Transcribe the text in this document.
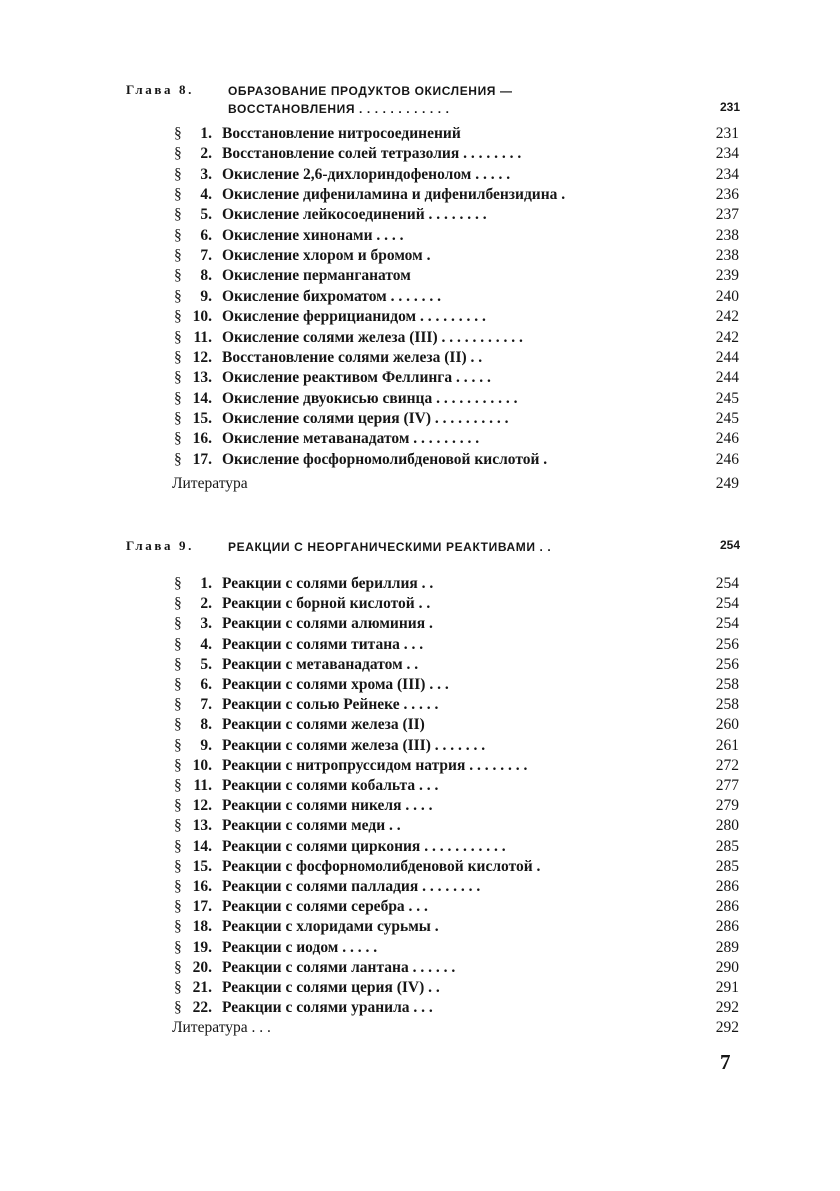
Глава 8.	ОБРАЗОВАНИЕ ПРОДУКТОВ ОКИСЛЕНИЯ —
ВОССТАНОВЛЕНИЯ . . . . . . . . . . . .	231
§	1. Восстановление нитросоединений	231
§	2. Восстановление солей тетразолия . . . . . . . .	234
§	3. Окисление 2,6-дихлориндофенолом . . . . .	234
§	4. Окисление дифениламина и дифенилбензидина .	236
§	5. Окисление лейкосоединений . . . . . . . .	237
§	6. Окисление хинонами . . . .	238
§	7. Окисление хлором и бромом .	238
§	8. Окисление перманганатом	239
§	9. Окисление бихроматом . . . . . . .	240
§ 10. Окисление феррицианидом . . . . . . . . .	242
§ 11. Окисление солями железа (III) . . . . . . . . . . .	242
§ 12. Восстановление солями железа (II) . .	244
§ 13. Окисление реактивом Феллинга . . . . .	244
§ 14. Окисление двуокисью свинца . . . . . . . . . . .	245
§ 15. Окисление солями церия (IV) . . . . . . . . . .	245
§ 16. Окисление метаванадатом . . . . . . . . .	246
§ 17. Окисление фосфорномолибденовой кислотой .	246
Литература	249
Глава 9.	РЕАКЦИИ С НЕОРГАНИЧЕСКИМИ РЕАКТИВАМИ . .	254
§	1. Реакции с солями бериллия . .	254
§	2. Реакции с борной кислотой . .	254
§	3. Реакции с солями алюминия .	254
§	4. Реакции с солями титана . . .	256
§	5. Реакции с метаванадатом . .	256
§	6. Реакции с солями хрома (III) . . .	258
§	7. Реакции с солью Рейнеке . . . . .	258
§	8. Реакции с солями железа (II)	260
§	9. Реакции с солями железа (III) . . . . . . .	261
§ 10. Реакции с нитропруссидом натрия . . . . . . . .	272
§ 11. Реакции с солями кобальта . . .	277
§ 12. Реакции с солями никеля . . . .	279
§ 13. Реакции с солями меди . .	280
§ 14. Реакции с солями циркония . . . . . . . . . . .	285
§ 15. Реакции с фосфорномолибденовой кислотой .	285
§ 16. Реакции с солями палладия . . . . . . . .	286
§ 17. Реакции с солями серебра . . .	286
§ 18. Реакции с хлоридами сурьмы .	286
§ 19. Реакции с иодом . . . . .	289
§ 20. Реакции с солями лантана . . . . . .	290
§ 21. Реакции с солями церия (IV) . .	291
§ 22. Реакции с солями уранила . . .	292
Литература . . .	292
7
